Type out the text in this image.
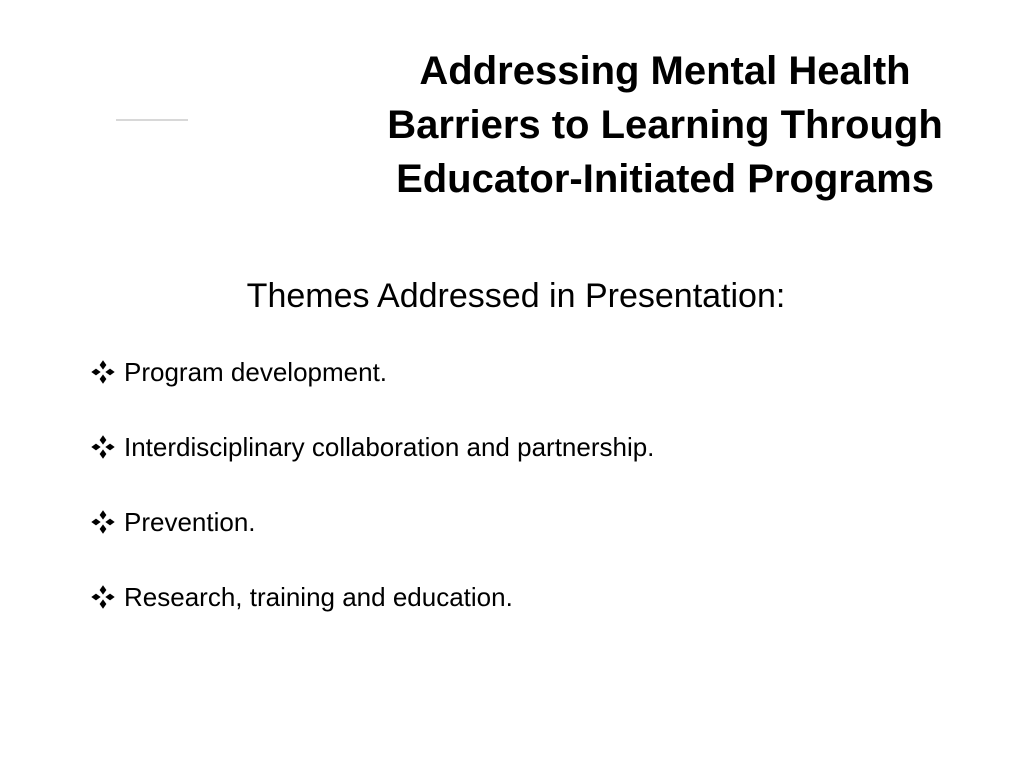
Addressing Mental Health
Barriers to Learning Through
Educator-Initiated Programs
Themes Addressed in Presentation:
Program development.
Interdisciplinary collaboration and partnership.
Prevention.
Research, training and education.
